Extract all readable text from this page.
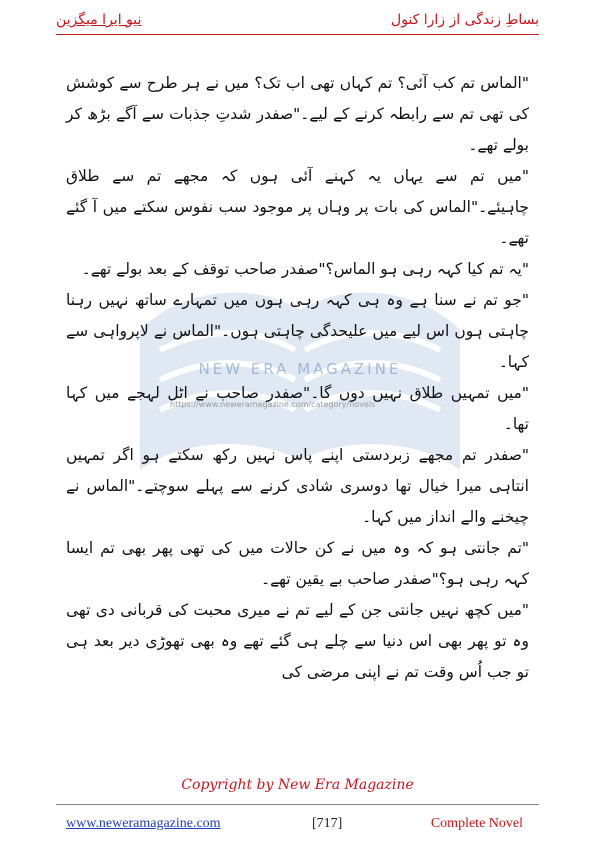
بساطِ زندگی از زارا کنول
نیو ایرا میگزین
NEW ERA MAGAZINE
https://www.neweramagazine.com/category/novels

"الماس تم کب آئی؟ تم کہاں تھی اب تک؟ میں نے ہر طرح سے کوشش کی تھی تم سے رابطہ کرنے کے لیے۔"صفدر شدتِ جذبات سے آگے بڑھ کر بولے تھے۔

"میں تم سے یہاں یہ کہنے آئی ہوں کہ مجھے تم سے طلاق چاہیئے۔"الماس کی بات پر وہاں پر موجود سب نفوس سکتے میں آ گئے تھے۔

"یہ تم کیا کہہ رہی ہو الماس؟"صفدر صاحب توقف کے بعد بولے تھے۔

"جو تم نے سنا ہے وہ ہی کہہ رہی ہوں میں تمہارے ساتھ نہیں رہنا چاہتی ہوں اس لیے میں علیحدگی چاہتی ہوں۔"الماس نے لاپرواہی سے کہا۔

"میں تمہیں طلاق نہیں دوں گا۔"صفدر صاحب نے اٹل لہجے میں کہا تھا۔

"صفدر تم مجھے زبردستی اپنے پاس نہیں رکھ سکتے ہو اگر تمہیں انتاہی میرا خیال تھا دوسری شادی کرنے سے پہلے سوچتے۔"الماس نے چیخنے والے انداز میں کہا۔

"تم جانتی ہو کہ وہ میں نے کن حالات میں کی تھی پھر بھی تم ایسا کہہ رہی ہو؟"صفدر صاحب بے یقین تھے۔

"میں کچھ نہیں جانتی جن کے لیے تم نے میری محبت کی قربانی دی تھی وہ تو پھر بھی اس دنیا سے چلے ہی گئے تھے وہ بھی تھوڑی دیر بعد ہی تو جب اُس وقت تم نے اپنی مرضی کی

Copyright by New Era Magazine
www.neweramagazine.com	[717]	Complete Novel
